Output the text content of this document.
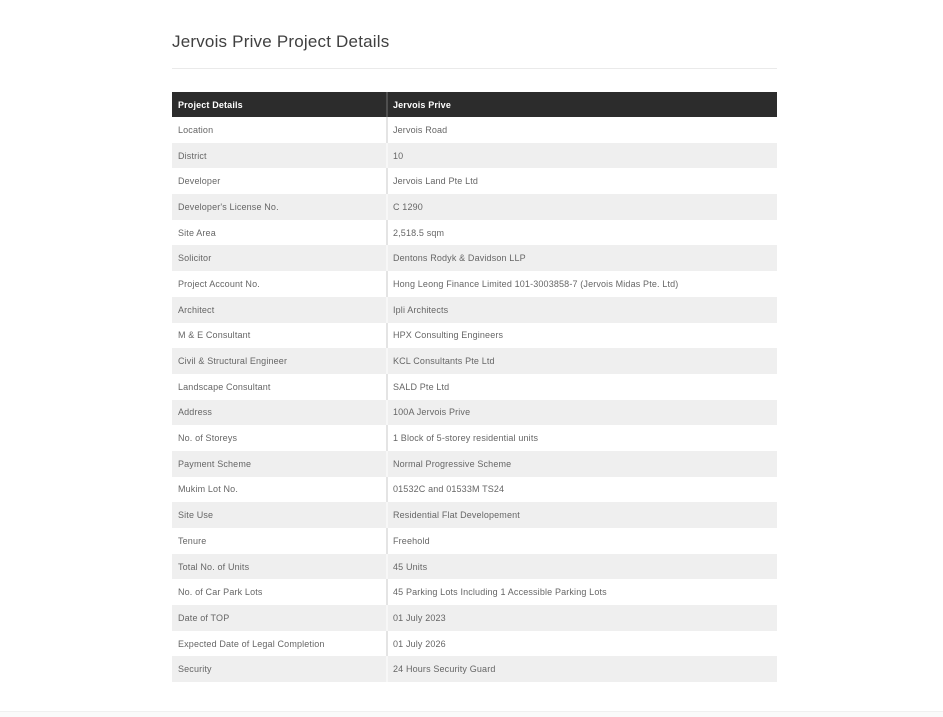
Jervois Prive Project Details
Project Details	Jervois Prive
Location	Jervois Road
District	10
Developer	Jervois Land Pte Ltd
Developer's License No.	C 1290
Site Area	2,518.5 sqm
Solicitor	Dentons Rodyk & Davidson LLP
Project Account No.	Hong Leong Finance Limited 101-3003858-7 (Jervois Midas Pte. Ltd)
Architect	Ipli Architects
M & E Consultant	HPX Consulting Engineers
Civil & Structural Engineer	KCL Consultants Pte Ltd
Landscape Consultant	SALD Pte Ltd
Address	100A Jervois Prive
No. of Storeys	1 Block of 5-storey residential units
Payment Scheme	Normal Progressive Scheme
Mukim Lot No.	01532C and 01533M TS24
Site Use	Residential Flat Developement
Tenure	Freehold
Total No. of Units	45 Units
No. of Car Park Lots	45 Parking Lots Including 1 Accessible Parking Lots
Date of TOP	01 July 2023
Expected Date of Legal Completion	01 July 2026
Security	24 Hours Security Guard
